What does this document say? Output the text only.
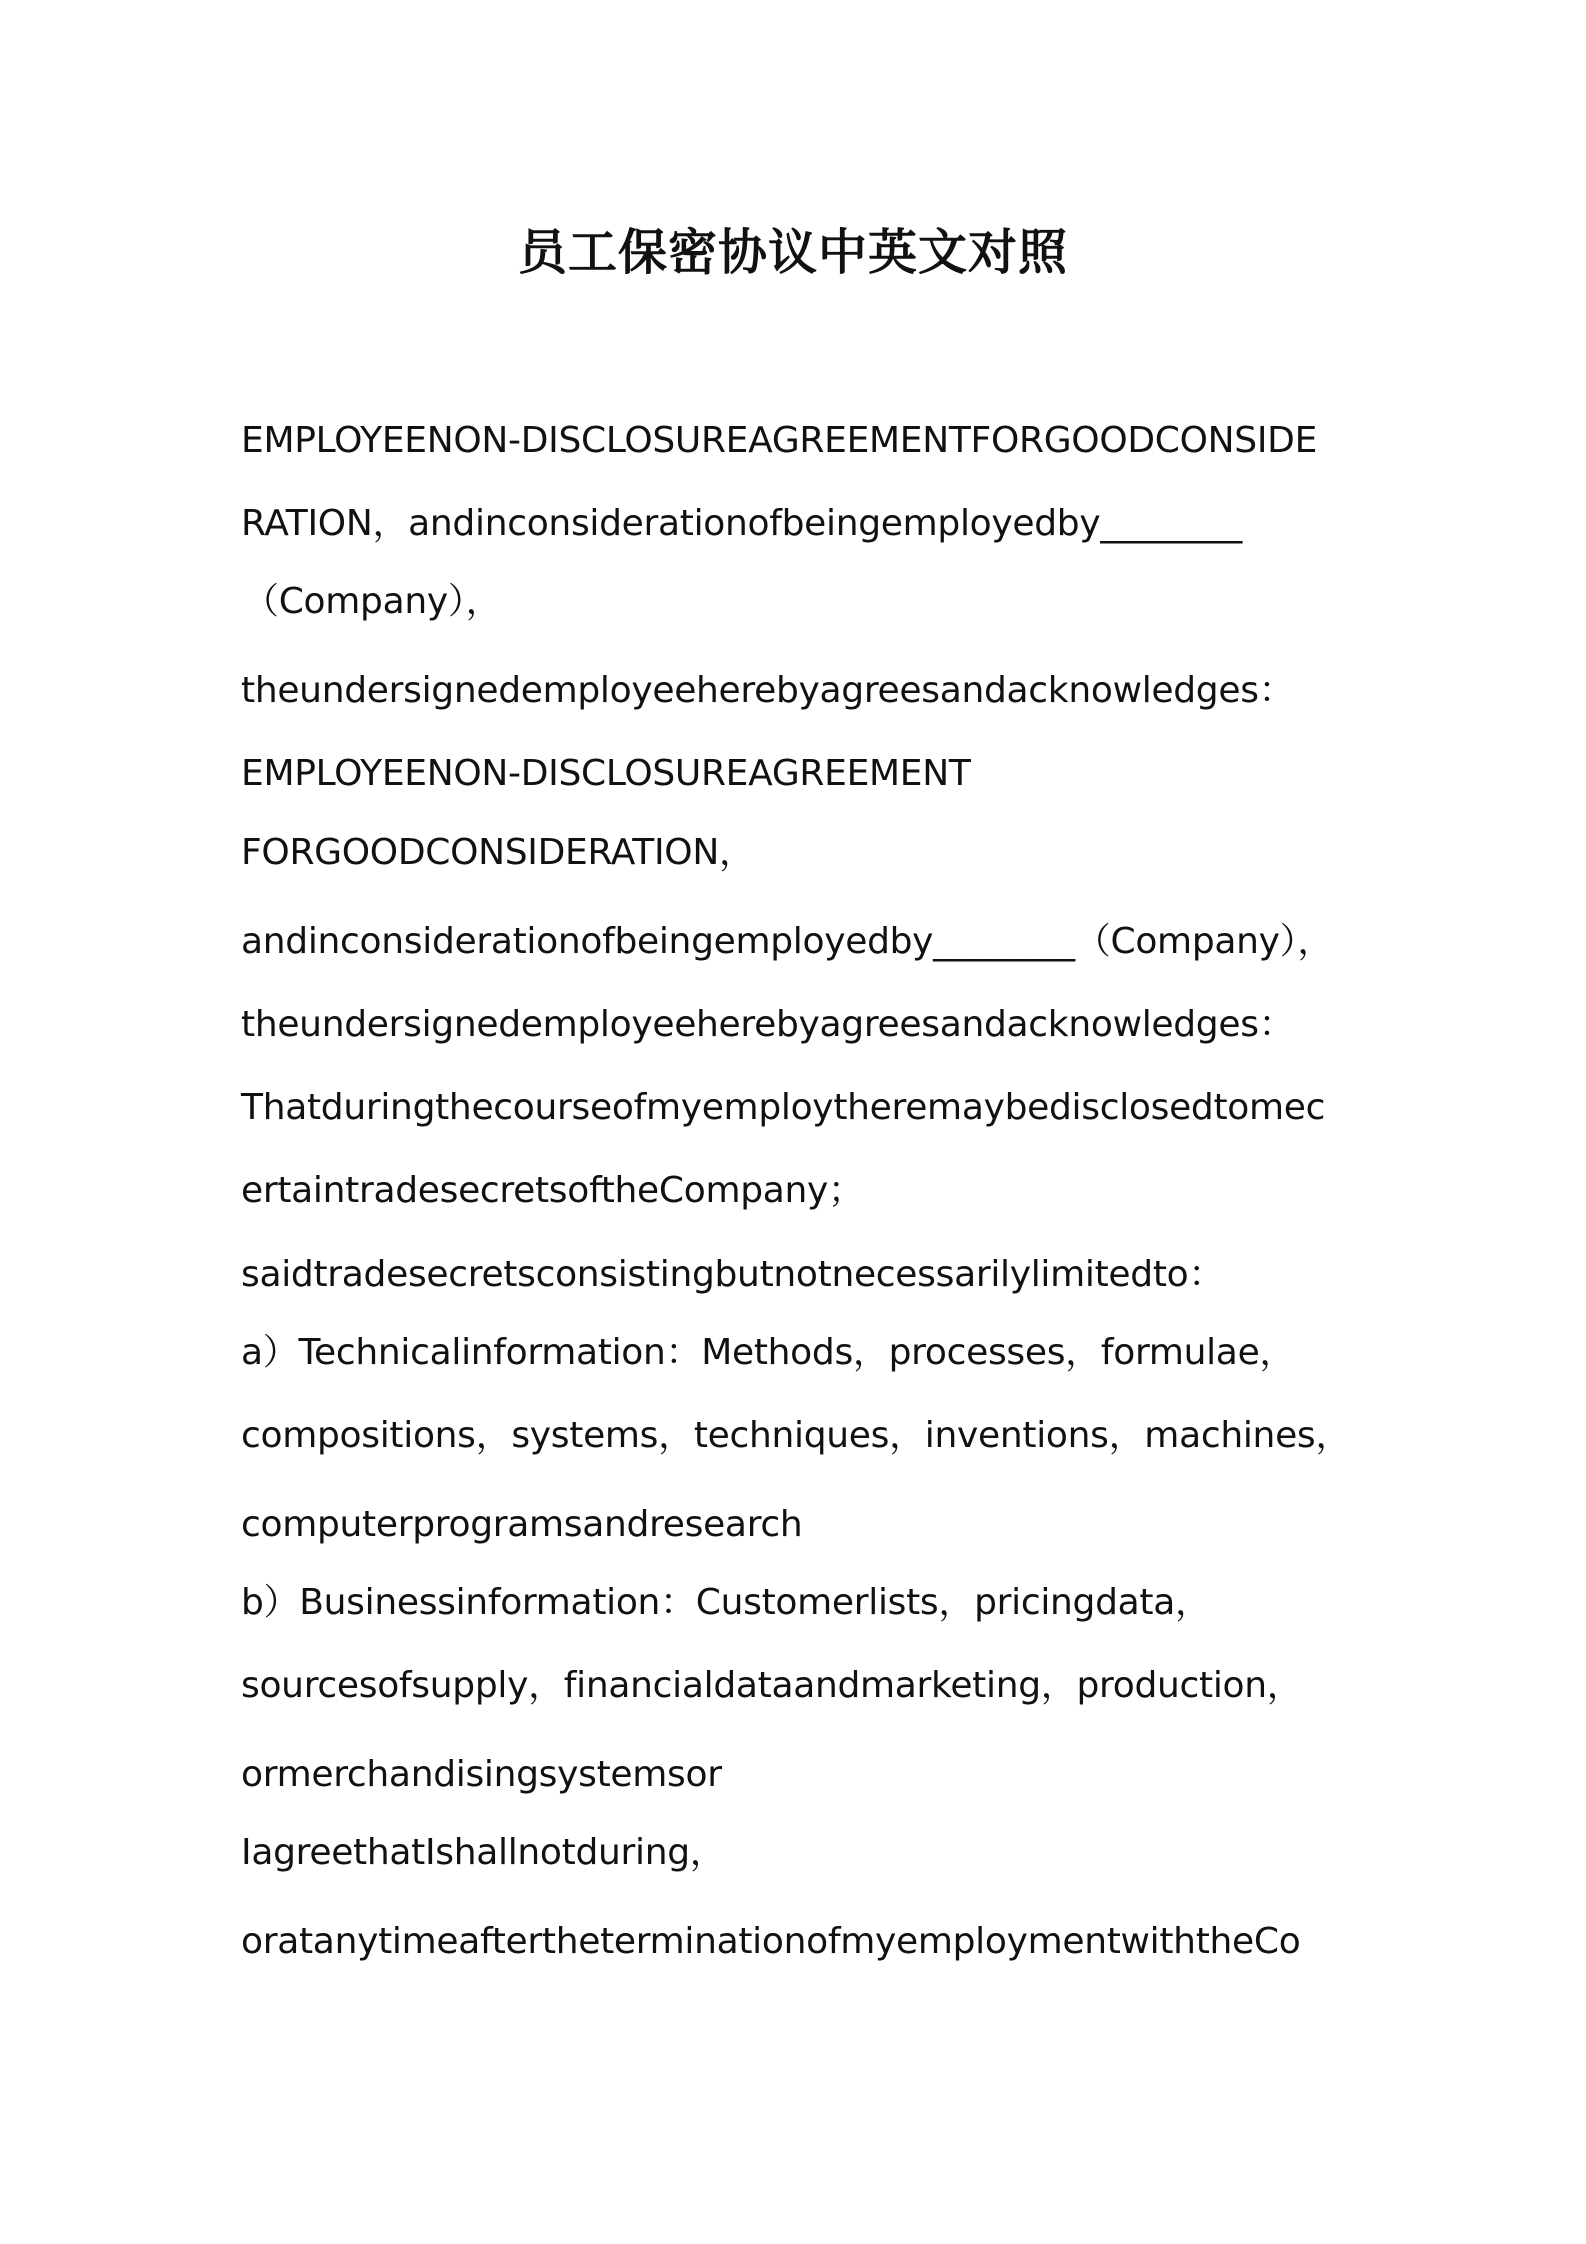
员工保密协议中英文对照
EMPLOYEENON-DISCLOSUREAGREEMENTFORGOODCONSIDE
RATION，andinconsiderationofbeingemployedby________
（Company），
theundersignedemployeeherebyagreesandacknowledges：
EMPLOYEENON-DISCLOSUREAGREEMENT
FORGOODCONSIDERATION，
andinconsiderationofbeingemployedby________（Company），
theundersignedemployeeherebyagreesandacknowledges：
Thatduringthecourseofmyemploytheremaybedisclosedtomec
ertaintradesecretsoftheCompany；
saidtradesecretsconsistingbutnotnecessarilylimitedto：
a）Technicalinformation：Methods，processes，formulae，
compositions，systems，techniques，inventions，machines，
computerprogramsandresearch
b）Businessinformation：Customerlists，pricingdata，
sourcesofsupply，financialdataandmarketing，production，
ormerchandisingsystemsor
IagreethatIshallnotduring，
oratanytimeaftertheterminationofmyemploymentwiththeCo
